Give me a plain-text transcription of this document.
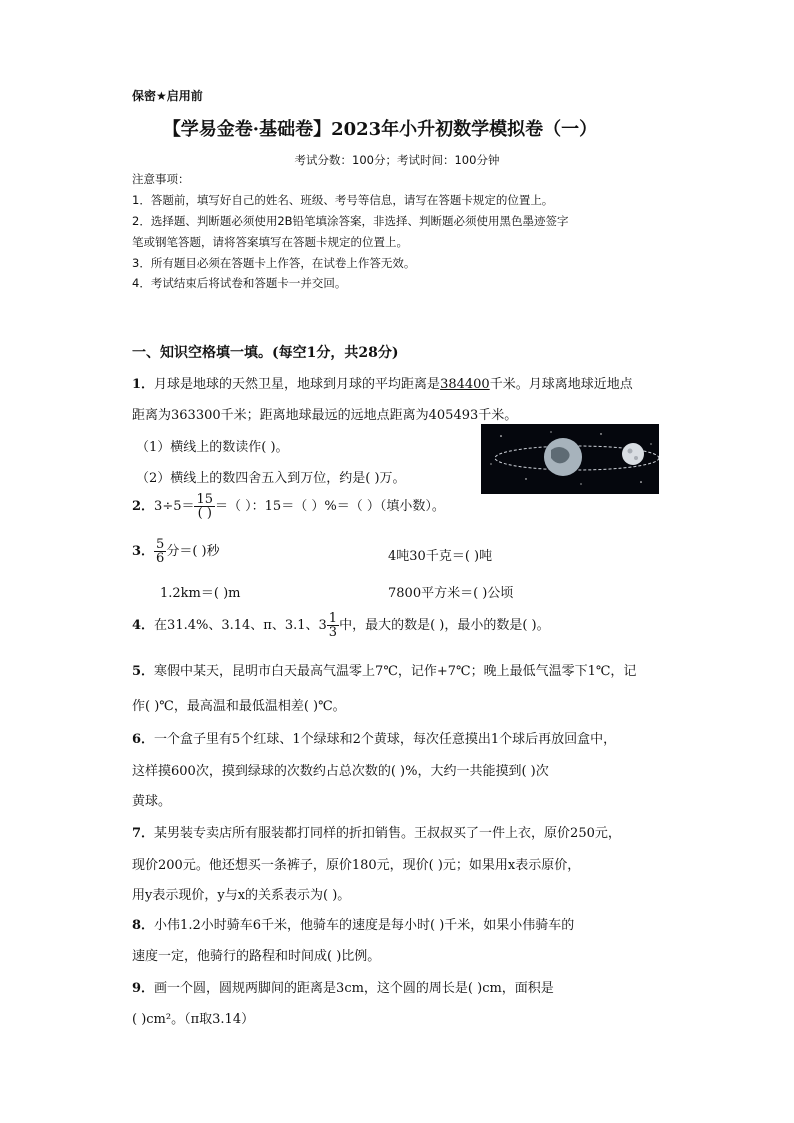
保密★启用前
【学易金卷·基础卷】2023年小升初数学模拟卷（一）
考试分数：100分；考试时间：100分钟
注意事项：
1．答题前，填写好自己的姓名、班级、考号等信息，请写在答题卡规定的位置上。
2．选择题、判断题必须使用2B铅笔填涂答案，非选择、判断题必须使用黑色墨迹签字
笔或钢笔答题，请将答案填写在答题卡规定的位置上。
3．所有题目必须在答题卡上作答，在试卷上作答无效。
4．考试结束后将试卷和答题卡一并交回。
一、知识空格填一填。(每空1分，共28分)
1．月球是地球的天然卫星，地球到月球的平均距离是384400千米。月球离地球近地点
距离为363300千米；距离地球最远的远地点距离为405493千米。
（1）横线上的数读作( )。
（2）横线上的数四舍五入到万位，约是( )万。
2．$3\div 5= \frac{15}{( )}$ ＝（ ）：15＝（ ）%＝（ ）（填小数）。
3． $\frac{5}{6}$ 分＝( )秒	4吨30千克＝( )吨
1.2km＝( )m	7800平方米＝( )公顷
4．在31.4%、3.14、π、3.1、$3 \frac{1}{3}$ 中，最大的数是( )，最小的数是( )。
5．寒假中某天，昆明市白天最高气温零上7℃，记作+7℃；晚上最低气温零下1℃，记
作( )℃，最高温和最低温相差( )℃。
6．一个盒子里有5个红球、1个绿球和2个黄球，每次任意摸出1个球后再放回盒中，
这样摸600次，摸到绿球的次数约占总次数的( )%，大约一共能摸到( )次
黄球。
7．某男装专卖店所有服装都打同样的折扣销售。王叔叔买了一件上衣，原价250元，
现价200元。他还想买一条裤子，原价180元，现价( )元；如果用x表示原价，
用y表示现价，y与x的关系表示为( )。
8．小伟1.2小时骑车6千米，他骑车的速度是每小时( )千米，如果小伟骑车的
速度一定，他骑行的路程和时间成( )比例。
9．画一个圆，圆规两脚间的距离是3cm，这个圆的周长是( )cm，面积是
( )cm²。（π取3.14）
